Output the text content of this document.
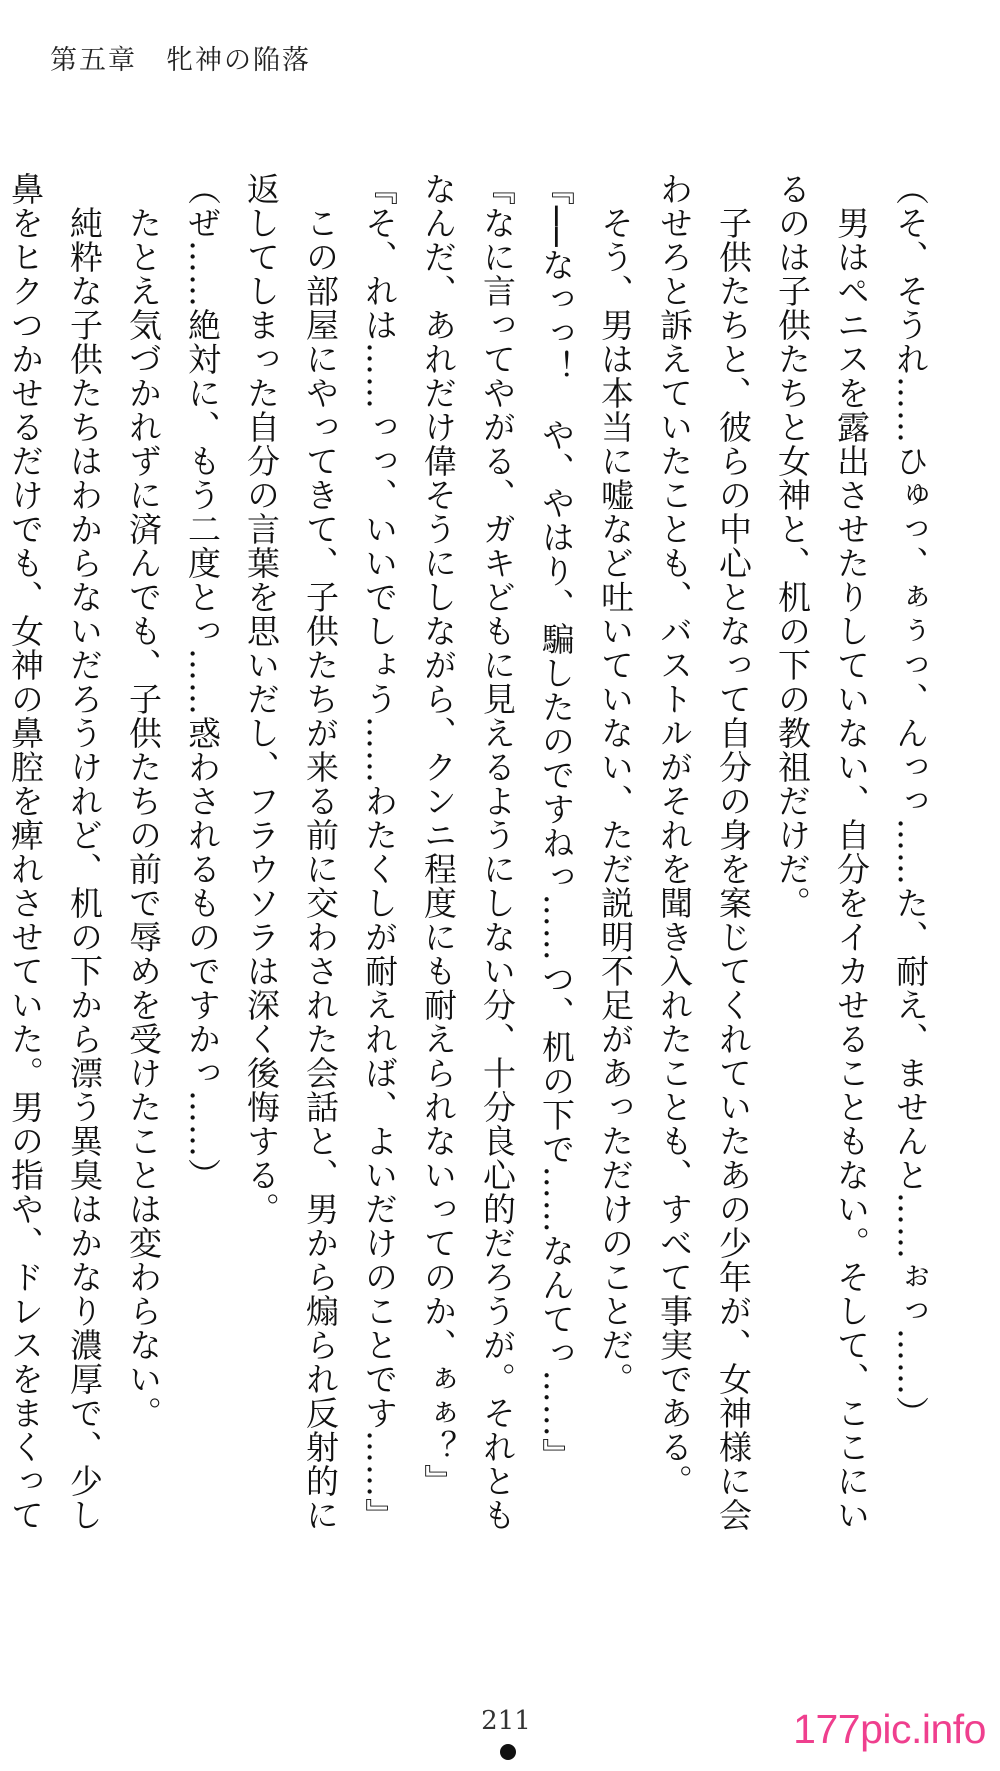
第五章　牝神の陥落
（そ、そうれ……ひゅっ、ぁぅっ、んっっ……た、耐え、ませんと……ぉっ……）
　男はペニスを露出させたりしていない、自分をイカせることもない。そして、ここにい
るのは子供たちと女神と、机の下の教祖だけだ。
　子供たちと、彼らの中心となって自分の身を案じてくれていたあの少年が、女神様に会
わせろと訴えていたことも、バストルがそれを聞き入れたことも、すべて事実である。
　そう、男は本当に嘘など吐いていない、ただ説明不足があっただけのことだ。
『──なっっ！　や、やはり、騙したのですねっ……つ、机の下で……なんてっ……』
『なに言ってやがる、ガキどもに見えるようにしない分、十分良心的だろうが。それとも
なんだ、あれだけ偉そうにしながら、クンニ程度にも耐えられないってのか、ぁぁ？』
『そ、れは……っっ、いいでしょう……わたくしが耐えれば、よいだけのことです……』
　この部屋にやってきて、子供たちが来る前に交わされた会話と、男から煽られ反射的に
返してしまった自分の言葉を思いだし、フラウソラは深く後悔する。
（ぜ……絶対に、もう二度とっ……惑わされるものですかっ……）
　たとえ気づかれずに済んでも、子供たちの前で辱めを受けたことは変わらない。
　純粋な子供たちはわからないだろうけれど、机の下から漂う異臭はかなり濃厚で、少し
鼻をヒクつかせるだけでも、女神の鼻腔を痺れさせていた。男の指や、ドレスをまくって
211	177pic.info
